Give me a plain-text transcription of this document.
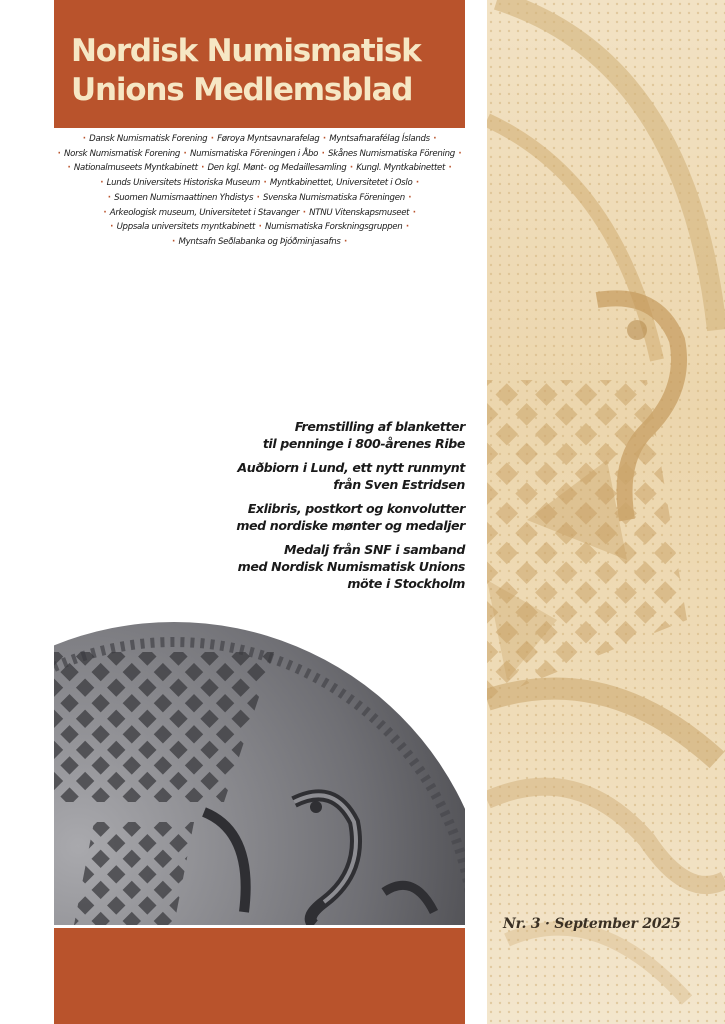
Nordisk Numismatisk
Unions Medlemsblad
· Dansk Numismatisk Forening · Føroya Myntsavnarafelag · Myntsafnarafélag Íslands ·
· Norsk Numismatisk Forening · Numismatiska Föreningen i Åbo · Skånes Numismatiska Förening ·
· Nationalmuseets Myntkabinett · Den kgl. Mønt- og Medaillesamling · Kungl. Myntkabinettet ·
· Lunds Universitets Historiska Museum · Myntkabinettet, Universitetet i Oslo ·
· Suomen Numismaattinen Yhdistys · Svenska Numismatiska Föreningen ·
· Arkeologisk museum, Universitetet i Stavanger · NTNU Vitenskapsmuseet ·
· Uppsala universitets myntkabinett · Numismatiska Forskningsgruppen ·
· Myntsafn Seðlabanka og Þjóðminjasafns ·
Fremstilling af blanketter
til penninge i 800-årenes Ribe
Auðbiorn i Lund, ett nytt runmynt
från Sven Estridsen
Exlibris, postkort og konvolutter
med nordiske mønter og medaljer
Medalj från SNF i samband
med Nordisk Numismatisk Unions
möte i Stockholm
Nr. 3 · September 2025
